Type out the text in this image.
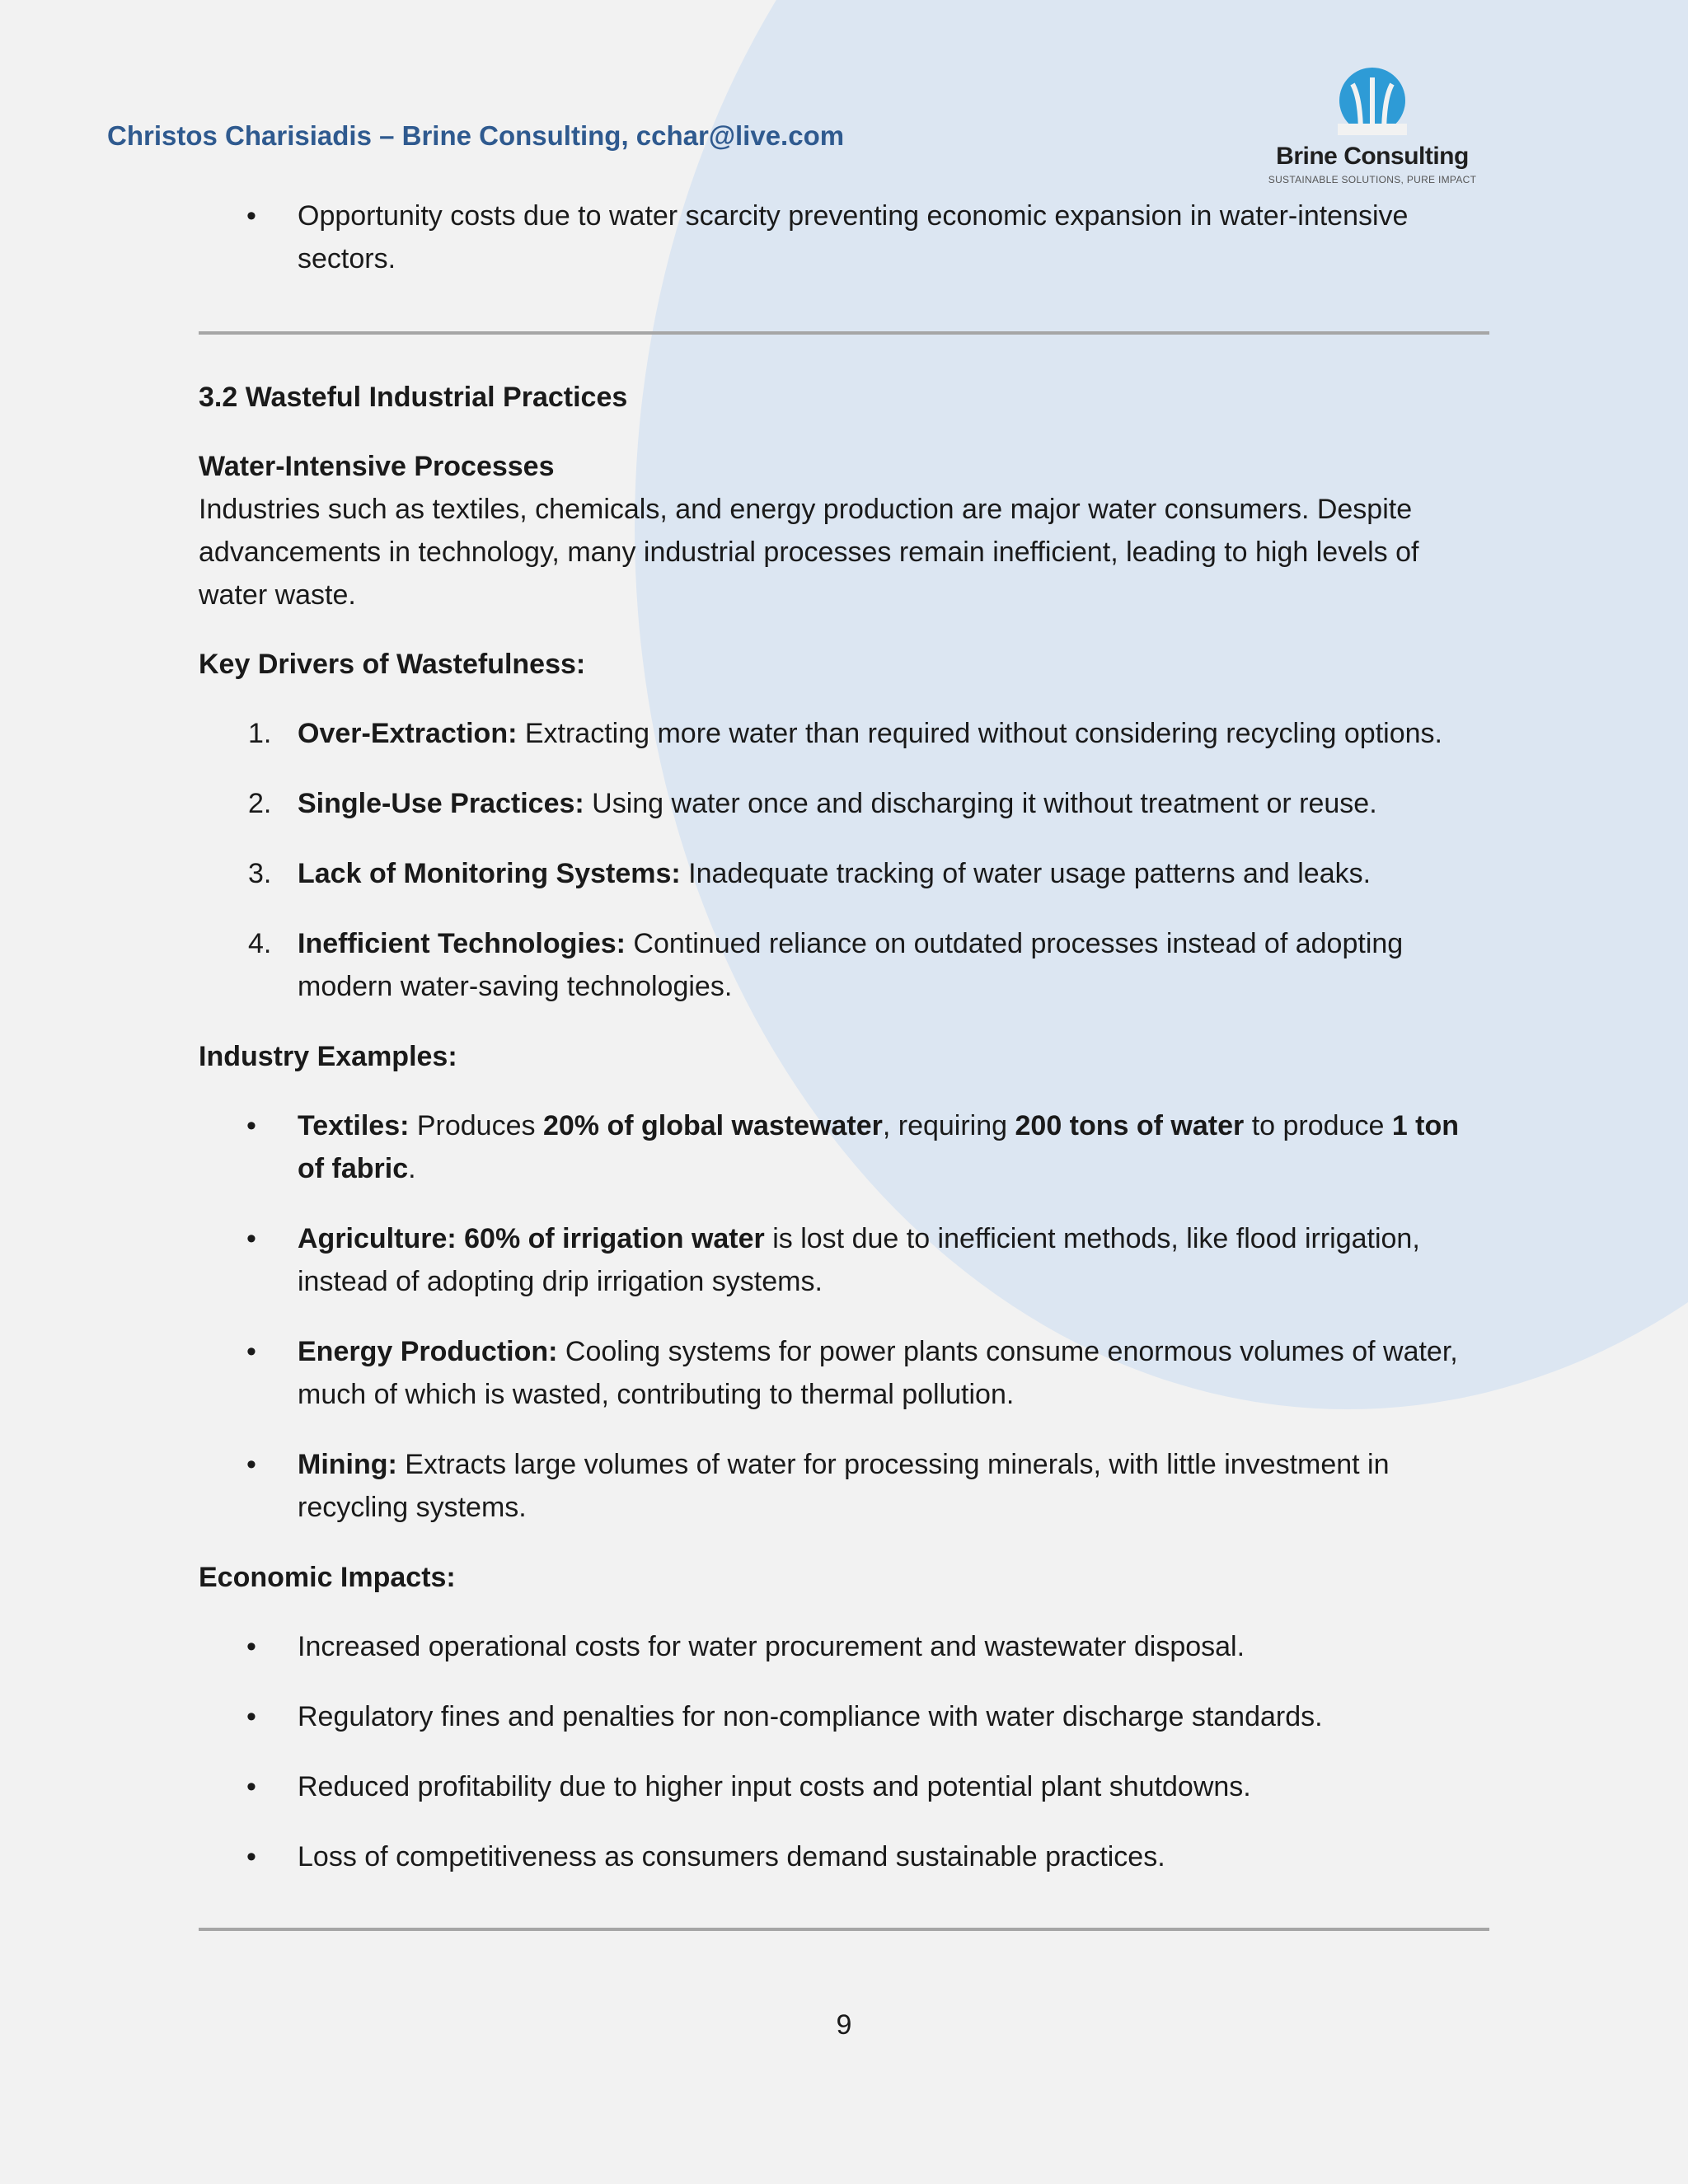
Christos Charisiadis – Brine Consulting, cchar@live.com
Brine Consulting
SUSTAINABLE SOLUTIONS, PURE IMPACT
• Opportunity costs due to water scarcity preventing economic expansion in water-intensive sectors.

3.2 Wasteful Industrial Practices

Water-Intensive Processes

Industries such as textiles, chemicals, and energy production are major water consumers. Despite advancements in technology, many industrial processes remain inefficient, leading to high levels of water waste.

Key Drivers of Wastefulness:

1. Over-Extraction: Extracting more water than required without considering recycling options.
2. Single-Use Practices: Using water once and discharging it without treatment or reuse.
3. Lack of Monitoring Systems: Inadequate tracking of water usage patterns and leaks.
4. Inefficient Technologies: Continued reliance on outdated processes instead of adopting modern water-saving technologies.

Industry Examples:

• Textiles: Produces 20% of global wastewater, requiring 200 tons of water to produce 1 ton of fabric.
• Agriculture: 60% of irrigation water is lost due to inefficient methods, like flood irrigation, instead of adopting drip irrigation systems.
• Energy Production: Cooling systems for power plants consume enormous volumes of water, much of which is wasted, contributing to thermal pollution.
• Mining: Extracts large volumes of water for processing minerals, with little investment in recycling systems.

Economic Impacts:

• Increased operational costs for water procurement and wastewater disposal.
• Regulatory fines and penalties for non-compliance with water discharge standards.
• Reduced profitability due to higher input costs and potential plant shutdowns.
• Loss of competitiveness as consumers demand sustainable practices.
9
